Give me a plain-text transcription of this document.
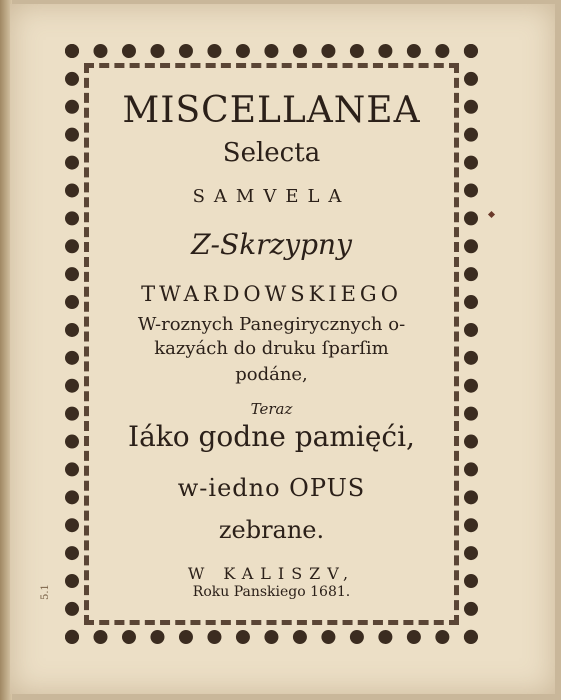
5.1
MISCELLANEA
Selecta
SAMVELA
Z-Skrzypny
TWARDOWSKIEGO
W-roznych Panegirycznych o-
kazyách do druku ſparſim
podáne,
Teraz
Iáko godne pamięći,
w-iedno OPUS
zebrane.
W KALISZV,
Roku Panskiego 1681.
